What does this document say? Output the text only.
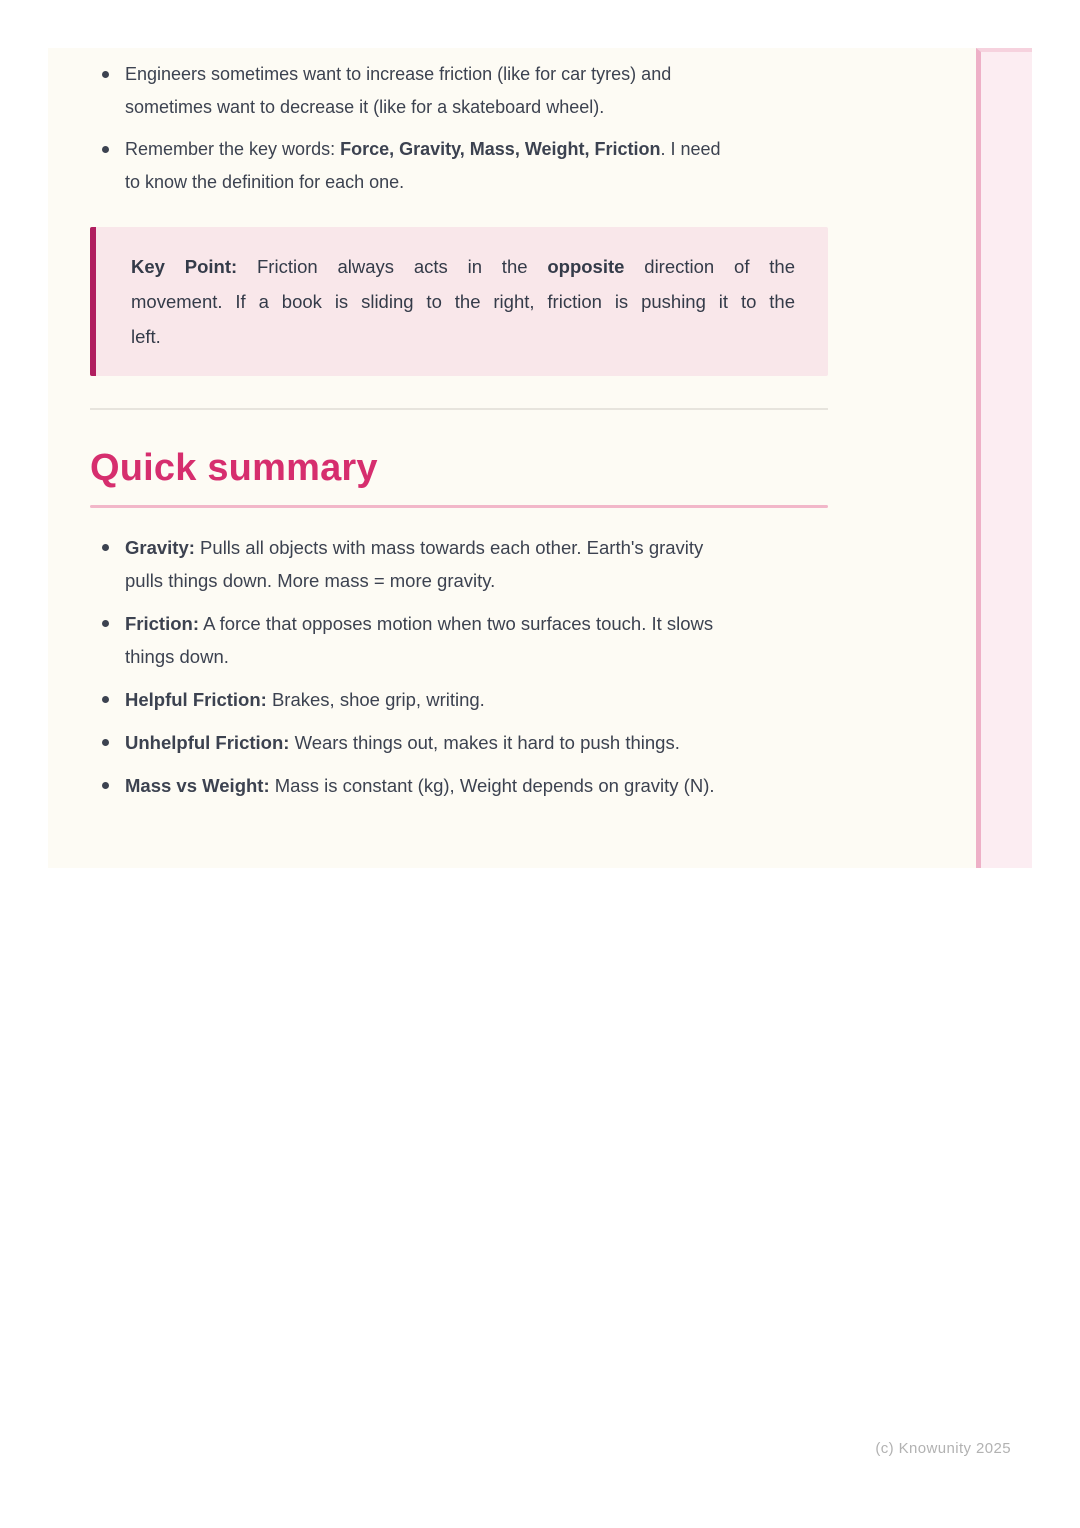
Engineers sometimes want to increase friction (like for car tyres) and
sometimes want to decrease it (like for a skateboard wheel).
Remember the key words: Force, Gravity, Mass, Weight, Friction. I need
to know the definition for each one.

Key Point: Friction always acts in the opposite direction of the
movement. If a book is sliding to the right, friction is pushing it to the
left.

Quick summary
Gravity: Pulls all objects with mass towards each other. Earth's gravity
pulls things down. More mass = more gravity.
Friction: A force that opposes motion when two surfaces touch. It slows
things down.
Helpful Friction: Brakes, shoe grip, writing.
Unhelpful Friction: Wears things out, makes it hard to push things.
Mass vs Weight: Mass is constant (kg), Weight depends on gravity (N).
(c) Knowunity 2025
